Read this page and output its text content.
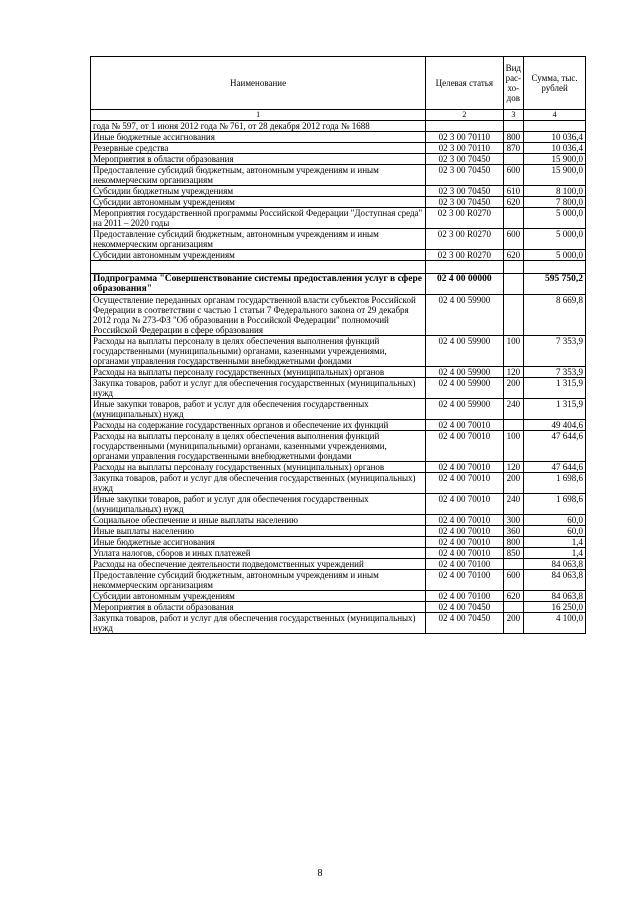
Наименование	Целевая статья	Вид рас- хо- дов	Сумма, тыс. рублей
1	2	3	4
года № 597, от 1 июня 2012 года № 761, от 28 декабря 2012 года № 1688			
Иные бюджетные ассигнования	02 3 00 70110	800	10 036,4
Резервные средства	02 3 00 70110	870	10 036,4
Мероприятия в области образования	02 3 00 70450		15 900,0
Предоставление субсидий бюджетным, автономным учреждениям и иным некоммерческим организациям	02 3 00 70450	600	15 900,0
Субсидии бюджетным учреждениям	02 3 00 70450	610	8 100,0
Субсидии автономным учреждениям	02 3 00 70450	620	7 800,0
Мероприятия государственной программы Российской Федерации "Доступная среда" на 2011 – 2020 годы	02 3 00 R0270		5 000,0
Предоставление субсидий бюджетным, автономным учреждениям и иным некоммерческим организациям	02 3 00 R0270	600	5 000,0
Субсидии автономным учреждениям	02 3 00 R0270	620	5 000,0

Подпрограмма "Совершенствование системы предоставления услуг в сфере образования"	02 4 00 00000		595 750,2
Осуществление переданных органам государственной власти субъектов Российской Федерации в соответствии с частью 1 статьи 7 Федерального закона от 29 декабря 2012 года № 273-ФЗ "Об образовании в Российской Федерации" полномочий Российской Федерации в сфере образования	02 4 00 59900		8 669,8
Расходы на выплаты персоналу в целях обеспечения выполнения функций государственными (муниципальными) органами, казенными учреждениями, органами управления государственными внебюджетными фондами	02 4 00 59900	100	7 353,9
Расходы на выплаты персоналу государственных (муниципальных) органов	02 4 00 59900	120	7 353,9
Закупка товаров, работ и услуг для обеспечения государственных (муниципальных) нужд	02 4 00 59900	200	1 315,9
Иные закупки товаров, работ и услуг для обеспечения государственных (муниципальных) нужд	02 4 00 59900	240	1 315,9
Расходы на содержание государственных органов и обеспечение их функций	02 4 00 70010		49 404,6
Расходы на выплаты персоналу в целях обеспечения выполнения функций государственными (муниципальными) органами, казенными учреждениями, органами управления государственными внебюджетными фондами	02 4 00 70010	100	47 644,6
Расходы на выплаты персоналу государственных (муниципальных) органов	02 4 00 70010	120	47 644,6
Закупка товаров, работ и услуг для обеспечения государственных (муниципальных) нужд	02 4 00 70010	200	1 698,6
Иные закупки товаров, работ и услуг для обеспечения государственных (муниципальных) нужд	02 4 00 70010	240	1 698,6
Социальное обеспечение и иные выплаты населению	02 4 00 70010	300	60,0
Иные выплаты населению	02 4 00 70010	360	60,0
Иные бюджетные ассигнования	02 4 00 70010	800	1,4
Уплата налогов, сборов и иных платежей	02 4 00 70010	850	1,4
Расходы на обеспечение деятельности подведомственных учреждений	02 4 00 70100		84 063,8
Предоставление субсидий бюджетным, автономным учреждениям и иным некоммерческим организациям	02 4 00 70100	600	84 063,8
Субсидии автономным учреждениям	02 4 00 70100	620	84 063,8
Мероприятия в области образования	02 4 00 70450		16 250,0
Закупка товаров, работ и услуг для обеспечения государственных (муниципальных) нужд	02 4 00 70450	200	4 100,0
8
